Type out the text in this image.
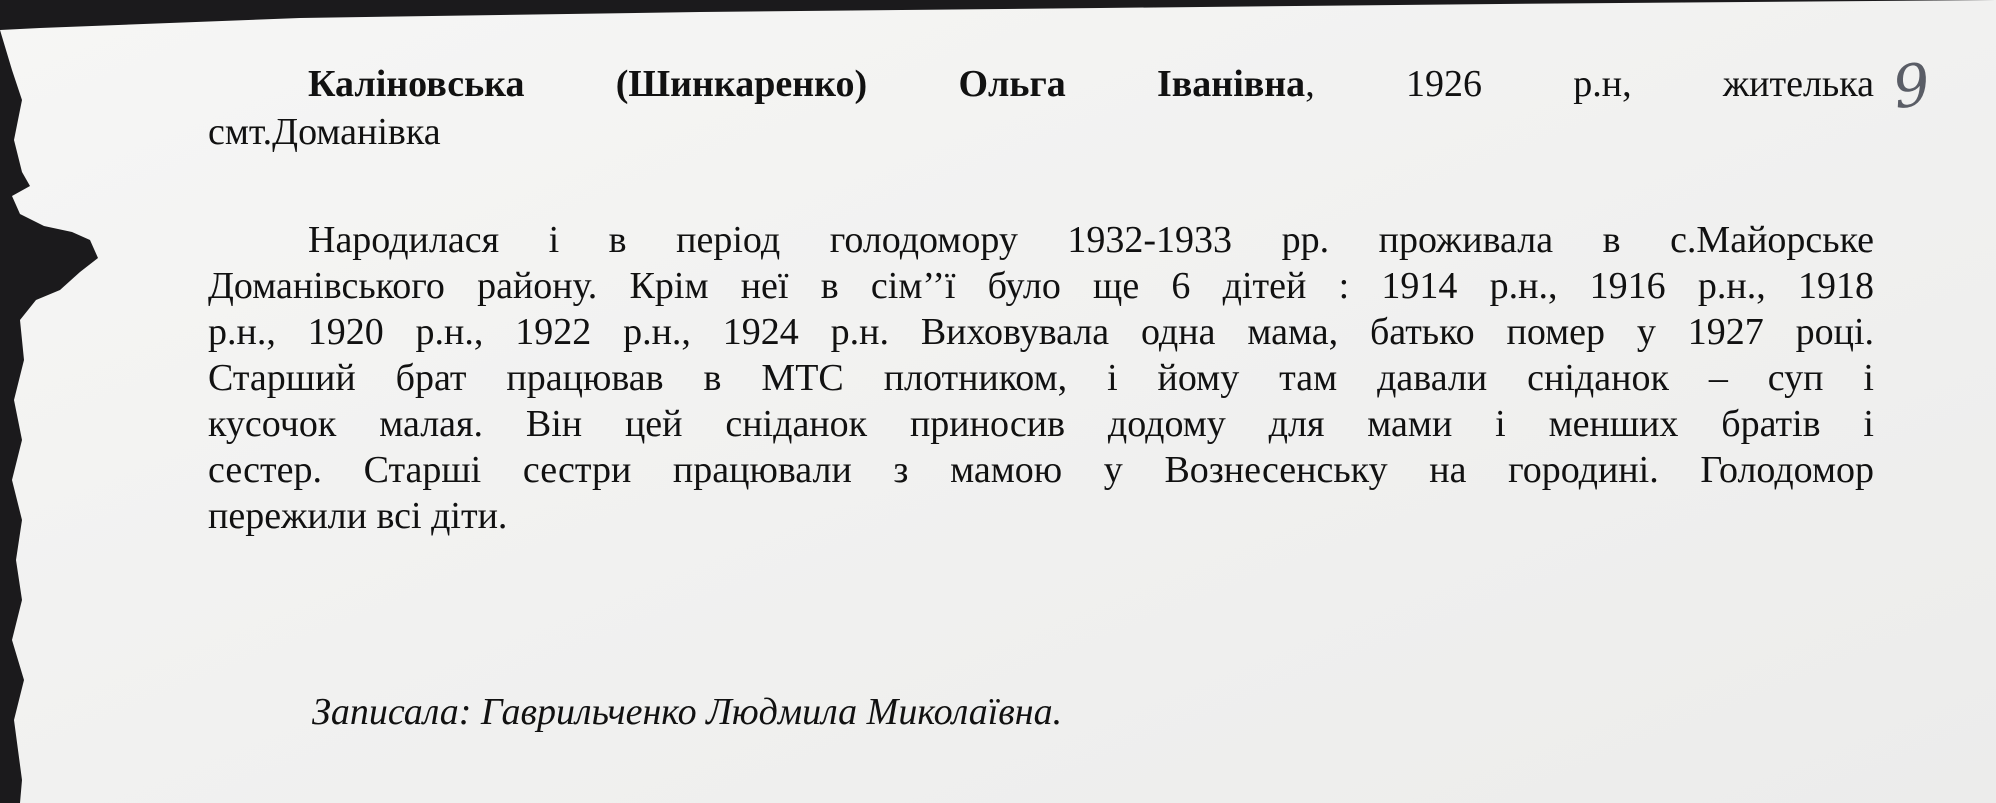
Каліновська (Шинкаренко) Ольга Іванівна, 1926 р.н, жителька

смт.Доманівка

Народилася і в період голодомору 1932-1933 рр. проживала в с.Майорське

Доманівського району. Крім неї в сім’’ї було ще 6 дітей : 1914 р.н., 1916 р.н., 1918

р.н., 1920 р.н., 1922 р.н., 1924 р.н. Виховувала одна мама, батько помер у 1927 році.

Старший брат працював в МТС плотником, і йому там давали сніданок – суп і

кусочок малая. Він цей сніданок приносив додому для мами і менших братів і

сестер. Старші сестри працювали з мамою у Вознесенську на городині. Голодомор

пережили всі діти.

Записала: Гаврильченко Людмила Миколаївна.
9
